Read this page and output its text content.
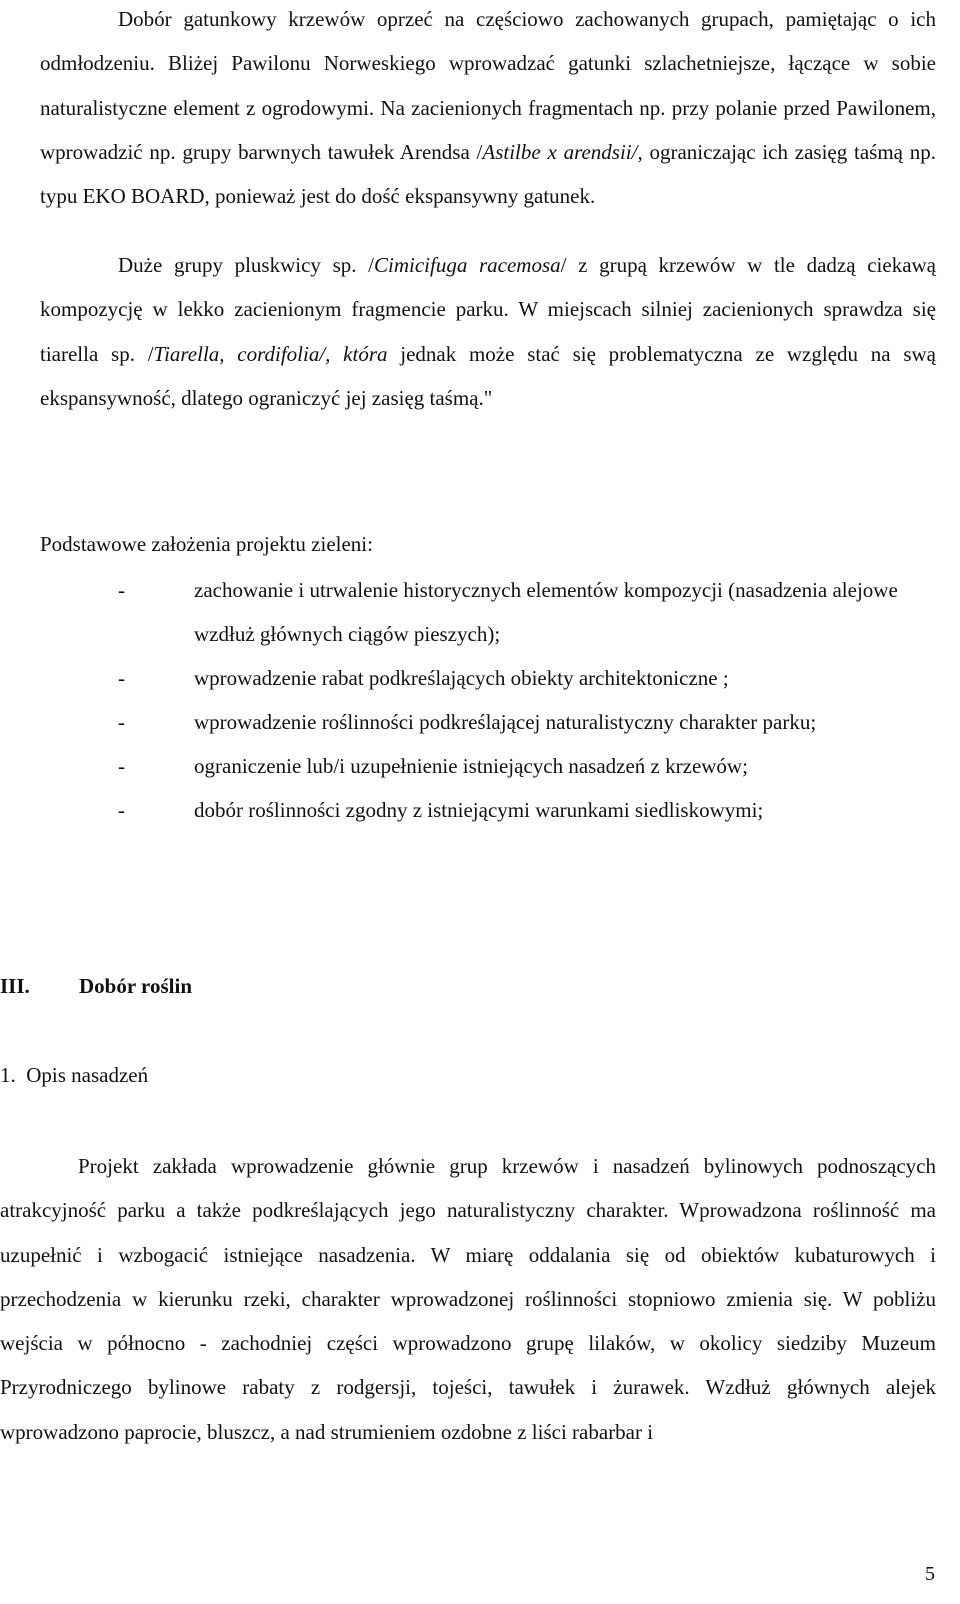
Dobór gatunkowy krzewów oprzeć na częściowo zachowanych grupach, pamiętając o ich odmłodzeniu. Bliżej Pawilonu Norweskiego wprowadzać gatunki szlachetniejsze, łączące w sobie naturalistyczne element z ogrodowymi. Na zacienionych fragmentach np. przy polanie przed Pawilonem, wprowadzić np. grupy barwnych tawułek Arendsa /Astilbe x arendsii/, ograniczając ich zasięg taśmą np. typu EKO BOARD, ponieważ jest do dość ekspansywny gatunek.

Duże grupy pluskwicy sp. /Cimicifuga racemosa/ z grupą krzewów w tle dadzą ciekawą kompozycję w lekko zacienionym fragmencie parku. W miejscach silniej zacienionych sprawdza się tiarella sp. /Tiarella, cordifolia/, która jednak może stać się problematyczna ze względu na swą ekspansywność, dlatego ograniczyć jej zasięg taśmą."

Podstawowe założenia projektu zieleni:

-	zachowanie i utrwalenie historycznych elementów kompozycji (nasadzenia alejowe wzdłuż głównych ciągów pieszych);
-	wprowadzenie rabat podkreślających obiekty architektoniczne ;
-	wprowadzenie roślinności podkreślającej naturalistyczny charakter parku;
-	ograniczenie lub/i uzupełnienie istniejących nasadzeń z krzewów;
-	dobór roślinności zgodny z istniejącymi warunkami siedliskowymi;
III. Dobór roślin

1.  Opis nasadzeń

Projekt zakłada wprowadzenie głównie grup krzewów i nasadzeń bylinowych podnoszących atrakcyjność parku a także podkreślających jego naturalistyczny charakter. Wprowadzona roślinność ma uzupełnić i wzbogacić istniejące nasadzenia. W miarę oddalania się od obiektów kubaturowych i przechodzenia w kierunku rzeki, charakter wprowadzonej roślinności stopniowo zmienia się. W pobliżu wejścia w północno - zachodniej części wprowadzono grupę lilaków, w okolicy siedziby Muzeum Przyrodniczego bylinowe rabaty z rodgersji, tojeści, tawułek i żurawek. Wzdłuż głównych alejek wprowadzono paprocie, bluszcz, a nad strumieniem ozdobne z liści rabarbar i

5
